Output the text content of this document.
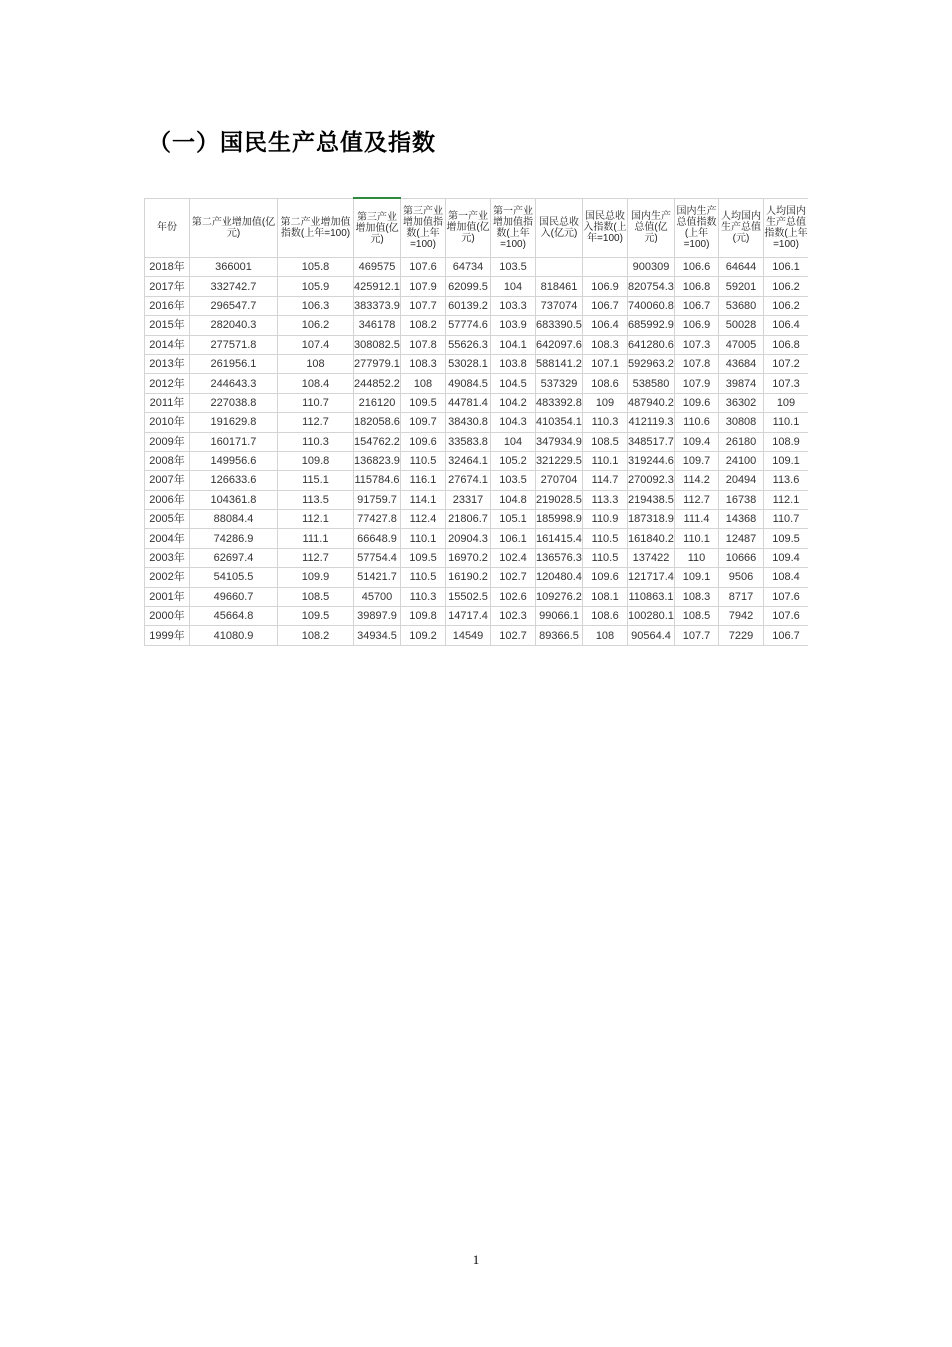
（一）国民生产总值及指数
年份	第二产业增加值(亿元)	第二产业增加值指数(上年=100)	第三产业增加值(亿元)	第三产业增加值指数(上年=100)	第一产业增加值(亿元)	第一产业增加值指数(上年=100)	国民总收入(亿元)	国民总收入指数(上年=100)	国内生产总值(亿元)	国内生产总值指数(上年=100)	人均国内生产总值(元)	人均国内生产总值指数(上年=100)
2018年	366001	105.8	469575	107.6	64734	103.5			900309	106.6	64644	106.1
2017年	332742.7	105.9	425912.1	107.9	62099.5	104	818461	106.9	820754.3	106.8	59201	106.2
2016年	296547.7	106.3	383373.9	107.7	60139.2	103.3	737074	106.7	740060.8	106.7	53680	106.2
2015年	282040.3	106.2	346178	108.2	57774.6	103.9	683390.5	106.4	685992.9	106.9	50028	106.4
2014年	277571.8	107.4	308082.5	107.8	55626.3	104.1	642097.6	108.3	641280.6	107.3	47005	106.8
2013年	261956.1	108	277979.1	108.3	53028.1	103.8	588141.2	107.1	592963.2	107.8	43684	107.2
2012年	244643.3	108.4	244852.2	108	49084.5	104.5	537329	108.6	538580	107.9	39874	107.3
2011年	227038.8	110.7	216120	109.5	44781.4	104.2	483392.8	109	487940.2	109.6	36302	109
2010年	191629.8	112.7	182058.6	109.7	38430.8	104.3	410354.1	110.3	412119.3	110.6	30808	110.1
2009年	160171.7	110.3	154762.2	109.6	33583.8	104	347934.9	108.5	348517.7	109.4	26180	108.9
2008年	149956.6	109.8	136823.9	110.5	32464.1	105.2	321229.5	110.1	319244.6	109.7	24100	109.1
2007年	126633.6	115.1	115784.6	116.1	27674.1	103.5	270704	114.7	270092.3	114.2	20494	113.6
2006年	104361.8	113.5	91759.7	114.1	23317	104.8	219028.5	113.3	219438.5	112.7	16738	112.1
2005年	88084.4	112.1	77427.8	112.4	21806.7	105.1	185998.9	110.9	187318.9	111.4	14368	110.7
2004年	74286.9	111.1	66648.9	110.1	20904.3	106.1	161415.4	110.5	161840.2	110.1	12487	109.5
2003年	62697.4	112.7	57754.4	109.5	16970.2	102.4	136576.3	110.5	137422	110	10666	109.4
2002年	54105.5	109.9	51421.7	110.5	16190.2	102.7	120480.4	109.6	121717.4	109.1	9506	108.4
2001年	49660.7	108.5	45700	110.3	15502.5	102.6	109276.2	108.1	110863.1	108.3	8717	107.6
2000年	45664.8	109.5	39897.9	109.8	14717.4	102.3	99066.1	108.6	100280.1	108.5	7942	107.6
1999年	41080.9	108.2	34934.5	109.2	14549	102.7	89366.5	108	90564.4	107.7	7229	106.7
1
